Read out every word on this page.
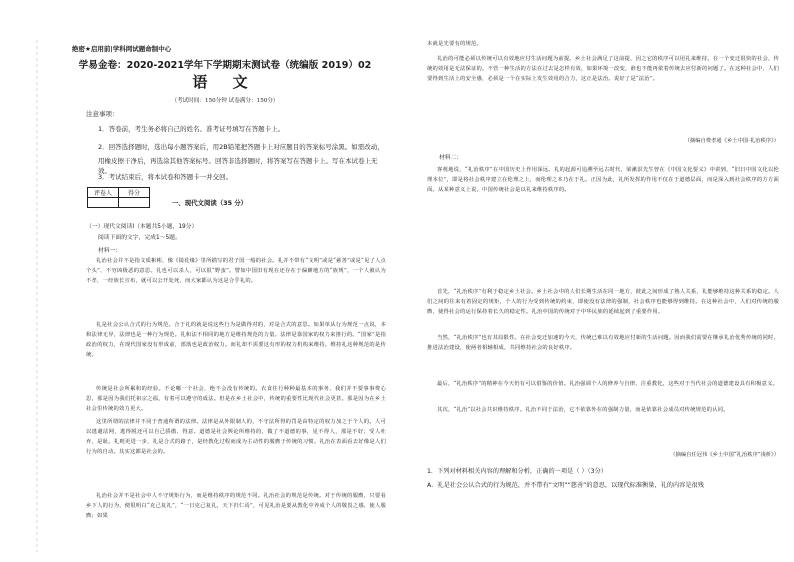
绝密★启用前|学科网试题命制中心
学易金卷：2020-2021学年下学期期末测试卷（统编版 2019）02
语 文
（考试时间：150分钟 试卷满分：150分）
注意事项：
1．答卷前，考生务必将自己的姓名、准考证号填写在答题卡上。
2．回答选择题时，选出每小题答案后，用2B铅笔把答题卡上对应题目的答案标号涂黑。如需改动，
用橡皮擦干净后，再选涂其他答案标号。回答非选择题时，将答案写在答题卡上。写在本试卷上无效。
3．考试结束后，将本试卷和答题卡一并交回。
评卷人	得分

一、现代文阅读（35 分）
（一）现代文阅读Ⅰ（本题共5小题，19分）
阅读下面的文字，完成1～5题。
材料一：
礼治社会并不是指文质彬彬，像《镜花缘》里所描写的君子国一般的社会。礼并不带有“文明”或是“慈善”或是“见了人点个头”、不穷凶极恶的意思。礼也可以杀人，可以很“野蛮”。譬如中国旧有现在还存在于偏僻地方的“族规”，一个人被认为不孝，一经族长宣布，就可以公开处死，而大家都认为这是合乎礼的。
礼是社会公认合式的行为规范。合于礼的就是说这些行为是做得对的，对是合式的意思。如果单从行为规范一点说，本和法律无异，法律也是一种行为规范。礼和法不相同的地方是维持规范的力量。法律是靠国家的权力来推行的。“国家”是指政治的权力，在现代国家没有形成前，部落也是政治权力。而礼却不需要这有形的权力机构来维持。维持礼这种规范的是传统。
传统是社会所累积的经验。不论哪一个社会，绝不会没有传统的。衣食住行种种最基本的事务，我们并不要事事费心思，那是因为我们托祖宗之福，有着可以遵守的成法。但是在乡土社会中，传统的重要性比现代社会更甚。那是因为在乡土社会里传统的效力更大。
这里所谓的法律并不同于普通所谓的法律。法律是从外限制人的，不守法所得的罚是由特定的权力加之于个人的。人可以逃避法网，逃得脱还可以自己骄傲、得意。道德是社会舆论所维持的，做了不道德的事，见不得人，那是不好；受人吐弃，是耻。礼则更进一步，礼是合式的路子，是经教化过程而成为主动性的服膺于传统的习惯。礼治在表面看去好像是人们行为的自动。其实这都是社会的。
礼治社会并不是社会中人不守规矩行为，而是维持秩序的规范不同。礼治社会的规范是传统。对于传统的服膺，只要看乡下人的行为，便很明白“克己复礼”，“一日克己复礼，天下归仁焉”，可见礼治是要从教化中养成个人的敬畏之感，使人服膺；如果
本就是先要有的规范。
礼治的可能必须以传统可以有效地应付生活问题为前提。乡土社会满足了这前提，因之它的秩序可以用礼来维持。在一个变迁很快的社会，传统的效用是无法保证的。不管一种生活的方法在过去是怎样有效，如果环境一改变，谁也不能再依着传统去应付新的问题了。在这种社会中，人们要得到生活上的安全感，必须是一个在实际上发生效用的合力，这正是法治。说好了是“法治”。
（摘编自费孝通《乡土中国·礼治秩序》）
材料二：
客观地说，“礼治秩序”在中国历史上作用深远。礼的起源可追溯至远古时代，梁漱溟先生曾在《中国文化要义》中讲到，“旧日中国文化以伦理本位”，即是将社会秩序建立在伦理之上，而伦理之本乃在于礼。正因为此，礼所发挥的作用不仅在于道德层面，而是深入到社会秩序的方方面面。从某种意义上说，中国传统社会是以礼来维持秩序的。
首先，“礼治秩序”有利于稳定乡土社会。乡土社会中的人们长期生活在同一地方，彼此之间形成了熟人关系，礼能够维持这种关系的稳定。人们之间的往来有着固定的规矩，个人的行为受到传统的约束，即使没有法律的强制，社会秩序也能够得到维持。在这种社会中，人们对传统的服膺，使得社会的运行保持着长久的稳定性。礼治中国的传统对于中华民族的延续起到了重要作用。
当然，“礼治秩序”也有其局限性。在社会变迁加速的今天，传统已难以有效地应付新的生活问题。因而我们需要在继承礼治优秀传统的同时，推进法治建设，使两者相辅相成，共同维持社会的良好秩序。
最后，“礼治秩序”的精神在今天仍有可以借鉴的价值。礼治强调个人的修养与自律，注重教化，这些对于当代社会的道德建设具有积极意义。
其次，“礼治”以社会共识维持秩序。礼治不同于法治，它不依靠外在的强制力量，而是依靠社会成员对传统规范的认同。
（摘编自任冠伟《乡土中国“礼治秩序”浅析》）
1．下列对材料相关内容的理解和分析，正确的一项是（ ）（3分）
A．礼是社会公认合式的行为规范，并不带有“文明”“慈善”的意思，以现代标准衡量，礼的内容是很残
